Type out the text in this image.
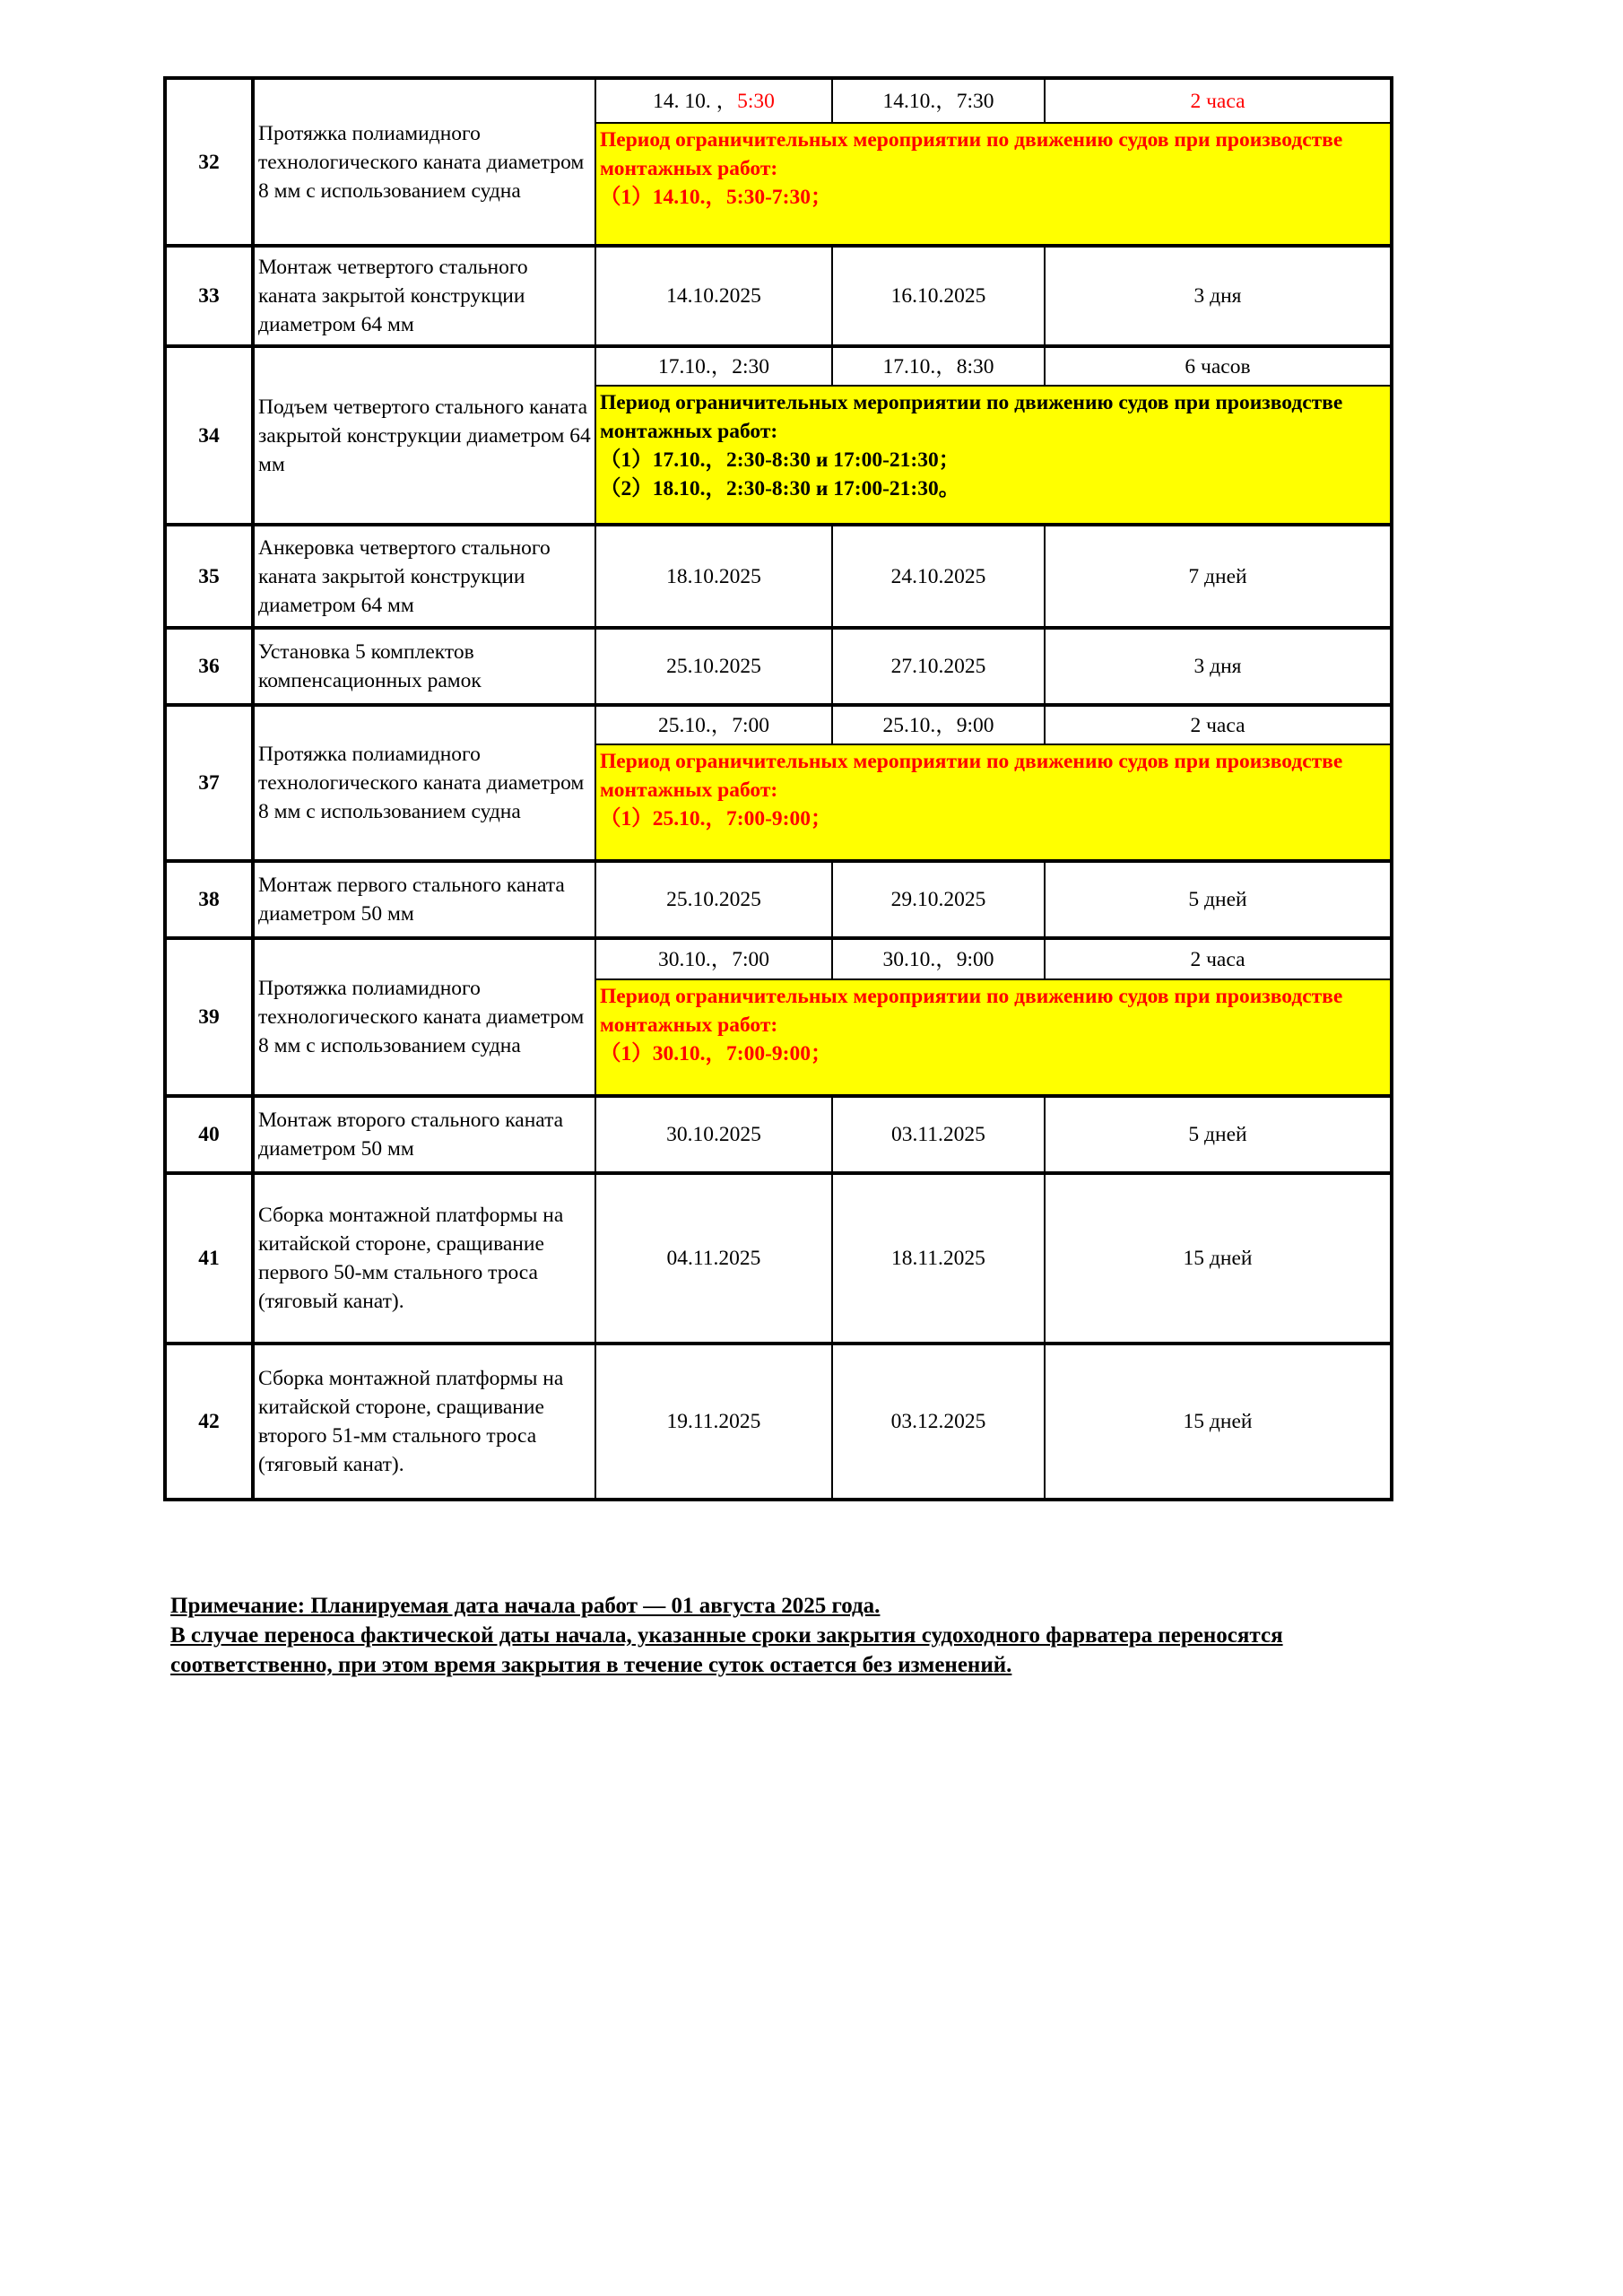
32	Протяжка полиамидного технологического каната диаметром 8 мм с использованием судна	14. 10. ，5:30	14.10.，7:30	2 часа

		Период ограничительных мероприятии по движению судов при производстве монтажных работ:
（1）14.10.，5:30-7:30；		

33	Монтаж четвертого стального каната закрытой конструкции диаметром 64 мм	14.10.2025	16.10.2025	3 дня
34	Подъем четвертого стального каната закрытой конструкции диаметром 64 мм	17.10.，2:30	17.10.，8:30	6 часов

		Период ограничительных мероприятии по движению судов при производстве монтажных работ:
（1）17.10.，2:30-8:30 и 17:00-21:30；
（2）18.10.，2:30-8:30 и 17:00-21:30。		

35	Анкеровка четвертого стального каната закрытой конструкции диаметром 64 мм	18.10.2025	24.10.2025	7 дней
36	Установка 5 комплектов компенсационных рамок	25.10.2025	27.10.2025	3 дня
37	Протяжка полиамидного технологического каната диаметром 8 мм с использованием судна	25.10.，7:00	25.10.，9:00	2 часа

		Период ограничительных мероприятии по движению судов при производстве монтажных работ:
（1）25.10.，7:00-9:00；		

38	Монтаж первого стального каната диаметром 50 мм	25.10.2025	29.10.2025	5 дней
39	Протяжка полиамидного технологического каната диаметром 8 мм с использованием судна	30.10.，7:00	30.10.，9:00	2 часа

		Период ограничительных мероприятии по движению судов при производстве монтажных работ:
（1）30.10.，7:00-9:00；		

40	Монтаж второго стального каната диаметром 50 мм	30.10.2025	03.11.2025	5 дней
41	Сборка монтажной платформы на китайской стороне, сращивание первого 50-мм стального троса (тяговый канат).	04.11.2025	18.11.2025	15 дней
42	Сборка монтажной платформы на китайской стороне, сращивание второго 51-мм стального троса (тяговый канат).	19.11.2025	03.12.2025	15 дней
Примечание: Планируемая дата начала работ — 01 августа 2025 года.
В случае переноса фактической даты начала, указанные сроки закрытия судоходного фарватера переносятся соответственно, при этом время закрытия в течение суток остается без изменений.
